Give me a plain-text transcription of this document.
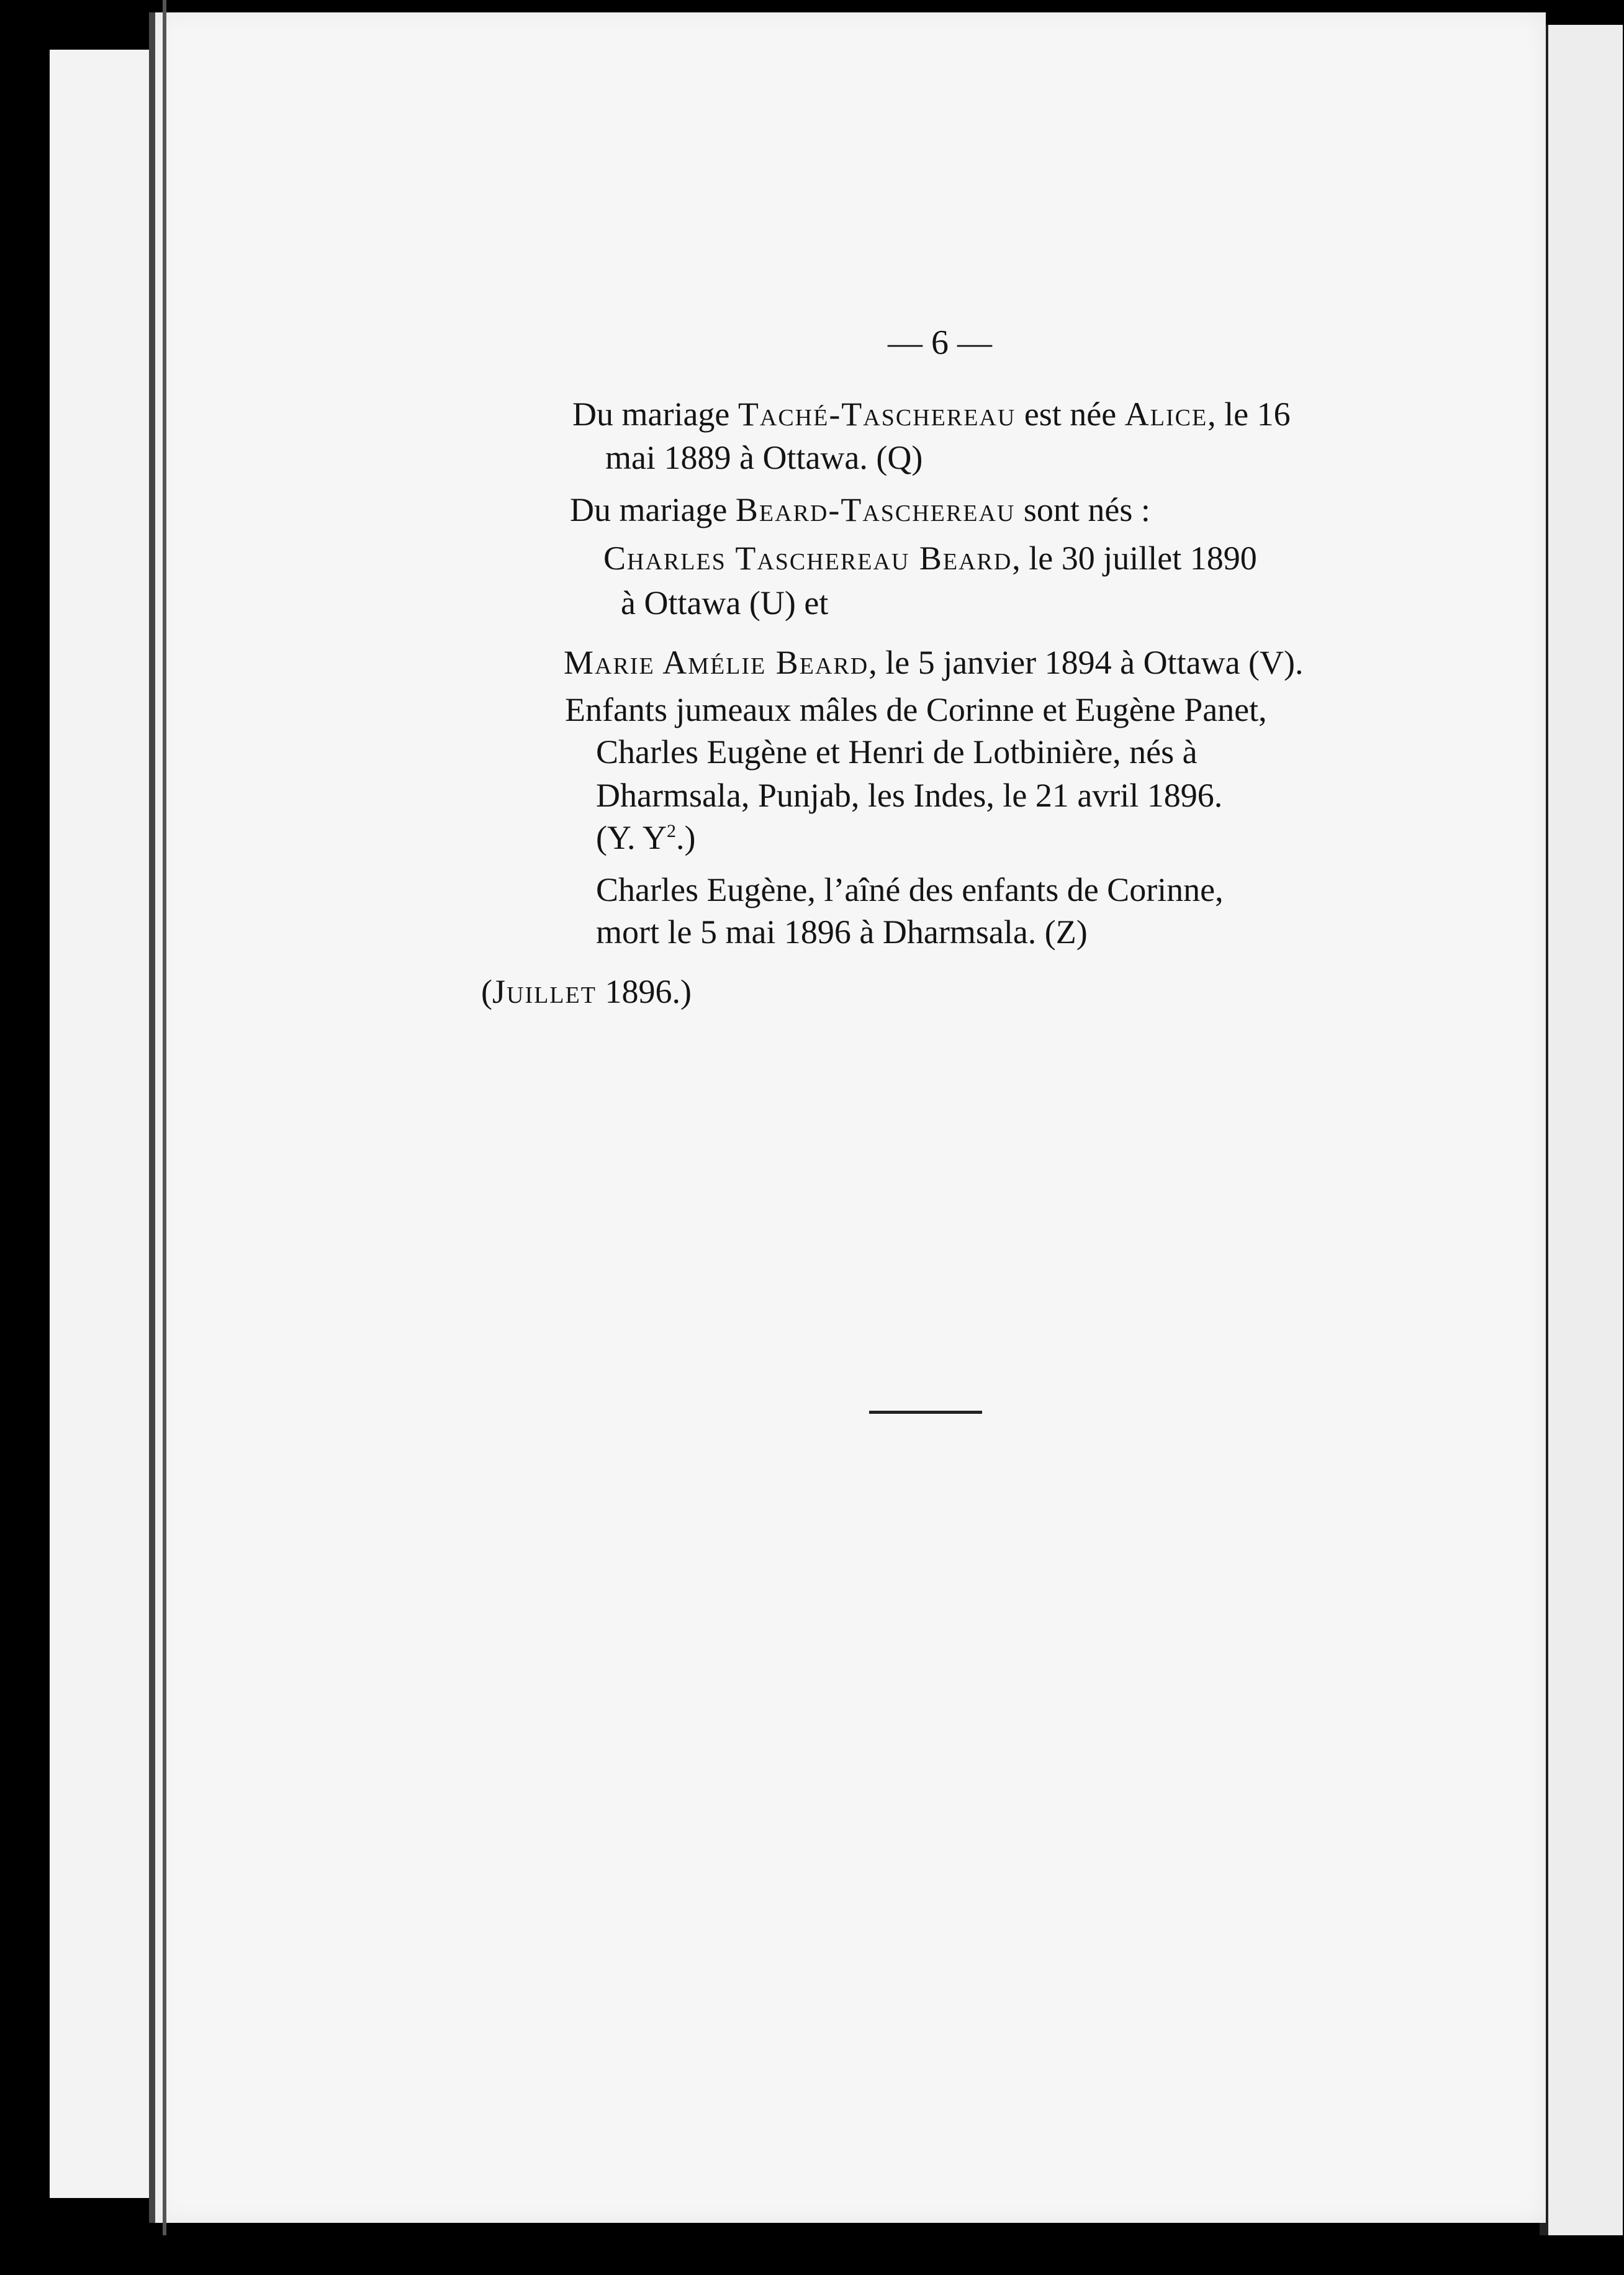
— 6 —
Du mariage Taché-Taschereau est née Alice, le 16
mai 1889 à Ottawa. (Q)
Du mariage Beard-Taschereau sont nés :
Charles Taschereau Beard, le 30 juillet 1890
à Ottawa (U) et
Marie Amélie Beard, le 5 janvier 1894 à Ottawa (V).
Enfants jumeaux mâles de Corinne et Eugène Panet,
Charles Eugène et Henri de Lotbinière, nés à
Dharmsala, Punjab, les Indes, le 21 avril 1896.
(Y. $Y^2$.)
Charles Eugène, l’aîné des enfants de Corinne,
mort le 5 mai 1896 à Dharmsala. (Z)
(Juillet 1896.)
